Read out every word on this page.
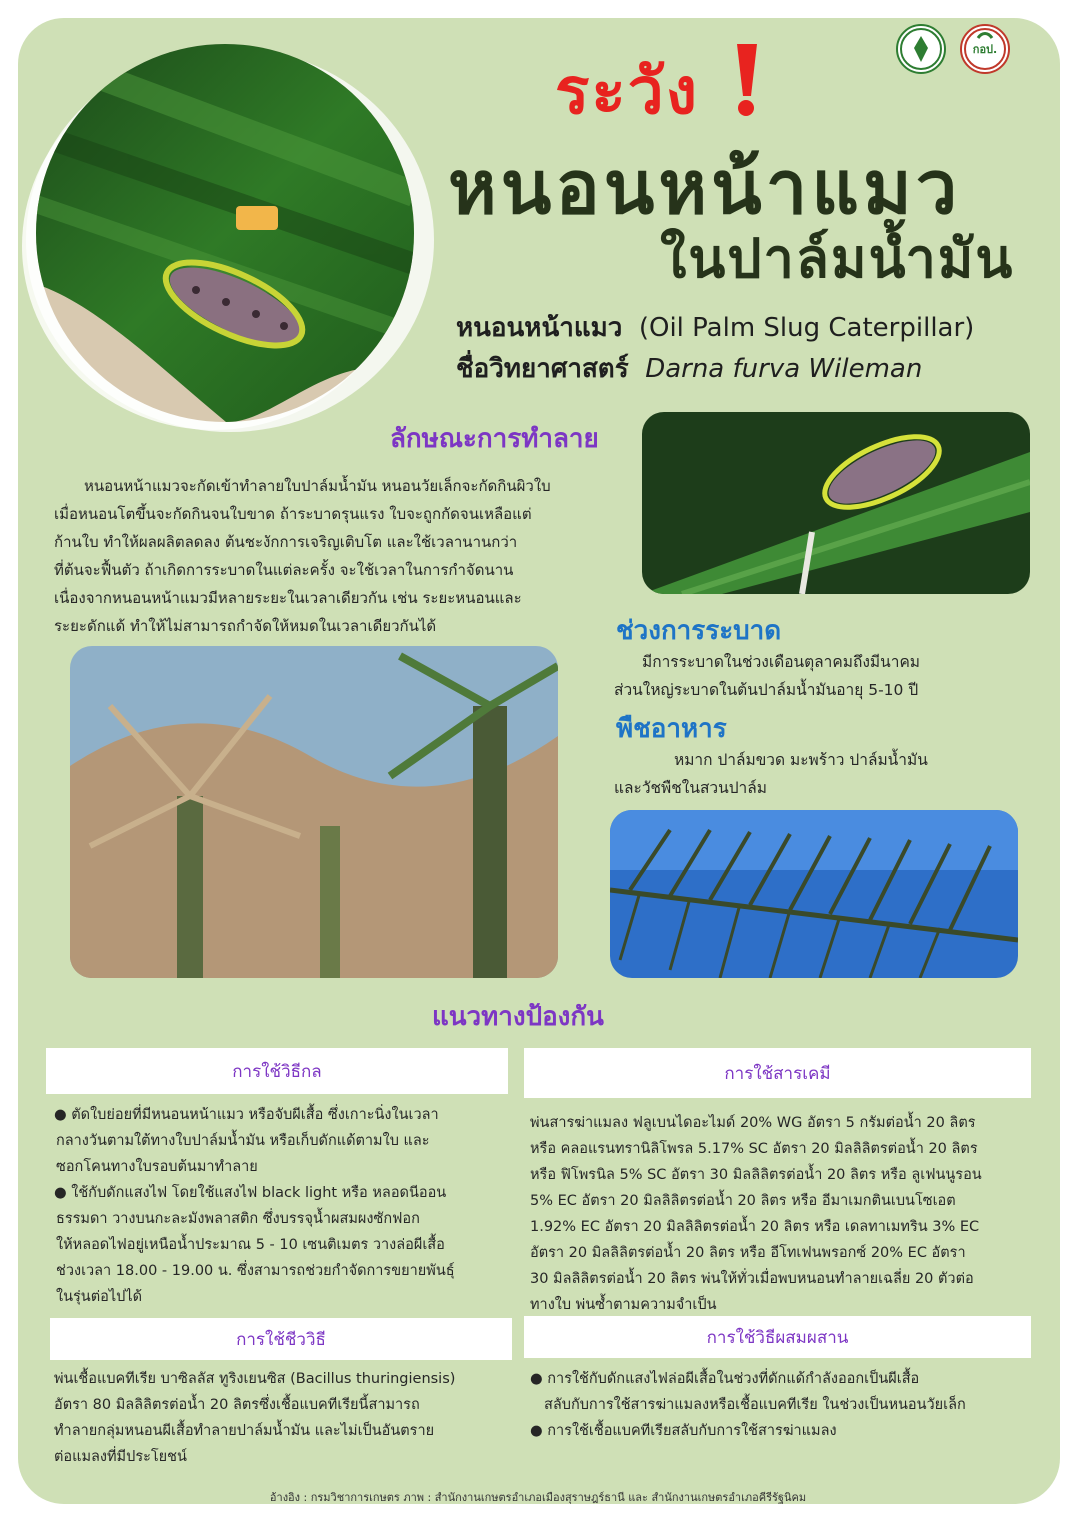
กอป.
ระวัง
หนอนหน้าแมว
ในปาล์มน้ำมัน
หนอนหน้าแมว (Oil Palm Slug Caterpillar)
ชื่อวิทยาศาสตร์ Darna furva Wileman
ลักษณะการทำลาย

หนอนหน้าแมวจะกัดเข้าทำลายใบปาล์มน้ำมัน หนอนวัยเล็กจะกัดกินผิวใบ

เมื่อหนอนโตขึ้นจะกัดกินจนใบขาด ถ้าระบาดรุนแรง ใบจะถูกกัดจนเหลือแต่

ก้านใบ ทำให้ผลผลิตลดลง ต้นชะงักการเจริญเติบโต และใช้เวลานานกว่า

ที่ต้นจะฟื้นตัว ถ้าเกิดการระบาดในแต่ละครั้ง จะใช้เวลาในการกำจัดนาน

เนื่องจากหนอนหน้าแมวมีหลายระยะในเวลาเดียวกัน เช่น ระยะหนอนและ

ระยะดักแด้ ทำให้ไม่สามารถกำจัดให้หมดในเวลาเดียวกันได้	ช่วงการระบาด

มีการระบาดในช่วงเดือนตุลาคมถึงมีนาคม

ส่วนใหญ่ระบาดในต้นปาล์มน้ำมันอายุ 5-10 ปี

พืชอาหาร

หมาก ปาล์มขวด มะพร้าว ปาล์มน้ำมัน

และวัชพืชในสวนปาล์ม

แนวทางป้องกัน
การใช้วิธีกล	การใช้สารเคมี

● ตัดใบย่อยที่มีหนอนหน้าแมว หรือจับผีเสื้อ ซึ่งเกาะนิ่งในเวลา

กลางวันตามใต้ทางใบปาล์มน้ำมัน หรือเก็บดักแด้ตามใบ และ

ซอกโคนทางใบรอบต้นมาทำลาย

● ใช้กับดักแสงไฟ โดยใช้แสงไฟ black light หรือ หลอดนีออน

ธรรมดา วางบนกะละมังพลาสติก ซึ่งบรรจุน้ำผสมผงซักฟอก

ให้หลอดไฟอยู่เหนือน้ำประมาณ 5 - 10 เซนติเมตร วางล่อผีเสื้อ

ช่วงเวลา 18.00 - 19.00 น. ซึ่งสามารถช่วยกำจัดการขยายพันธุ์

ในรุ่นต่อไปได้

พ่นสารฆ่าแมลง ฟลูเบนไดอะไมด์ 20% WG อัตรา 5 กรัมต่อน้ำ 20 ลิตร

หรือ คลอแรนทรานิลิโพรล 5.17% SC อัตรา 20 มิลลิลิตรต่อน้ำ 20 ลิตร

หรือ ฟิโพรนิล 5% SC อัตรา 30 มิลลิลิตรต่อน้ำ 20 ลิตร หรือ ลูเฟนนูรอน

5% EC อัตรา 20 มิลลิลิตรต่อน้ำ 20 ลิตร หรือ อีมาเมกตินเบนโซเอต

1.92% EC อัตรา 20 มิลลิลิตรต่อน้ำ 20 ลิตร หรือ เดลทาเมทริน 3% EC

อัตรา 20 มิลลิลิตรต่อน้ำ 20 ลิตร หรือ อีโทเฟนพรอกซ์ 20% EC อัตรา

30 มิลลิลิตรต่อน้ำ 20 ลิตร พ่นให้ทั่วเมื่อพบหนอนทำลายเฉลี่ย 20 ตัวต่อ

ทางใบ พ่นซ้ำตามความจำเป็น

การใช้ชีววิธี	การใช้วิธีผสมผสาน

พ่นเชื้อแบคทีเรีย บาซิลลัส ทูริงเยนซิส (Bacillus thuringiensis)

อัตรา 80 มิลลิลิตรต่อน้ำ 20 ลิตรซึ่งเชื้อแบคทีเรียนี้สามารถ

ทำลายกลุ่มหนอนผีเสื้อทำลายปาล์มน้ำมัน และไม่เป็นอันตราย

ต่อแมลงที่มีประโยชน์

● การใช้กับดักแสงไฟล่อผีเสื้อในช่วงที่ดักแด้กำลังออกเป็นผีเสื้อ

สลับกับการใช้สารฆ่าแมลงหรือเชื้อแบคทีเรีย ในช่วงเป็นหนอนวัยเล็ก

● การใช้เชื้อแบคทีเรียสลับกับการใช้สารฆ่าแมลง

อ้างอิง : กรมวิชาการเกษตร ภาพ : สำนักงานเกษตรอำเภอเมืองสุราษฎร์ธานี และ สำนักงานเกษตรอำเภอคีรีรัฐนิคม
